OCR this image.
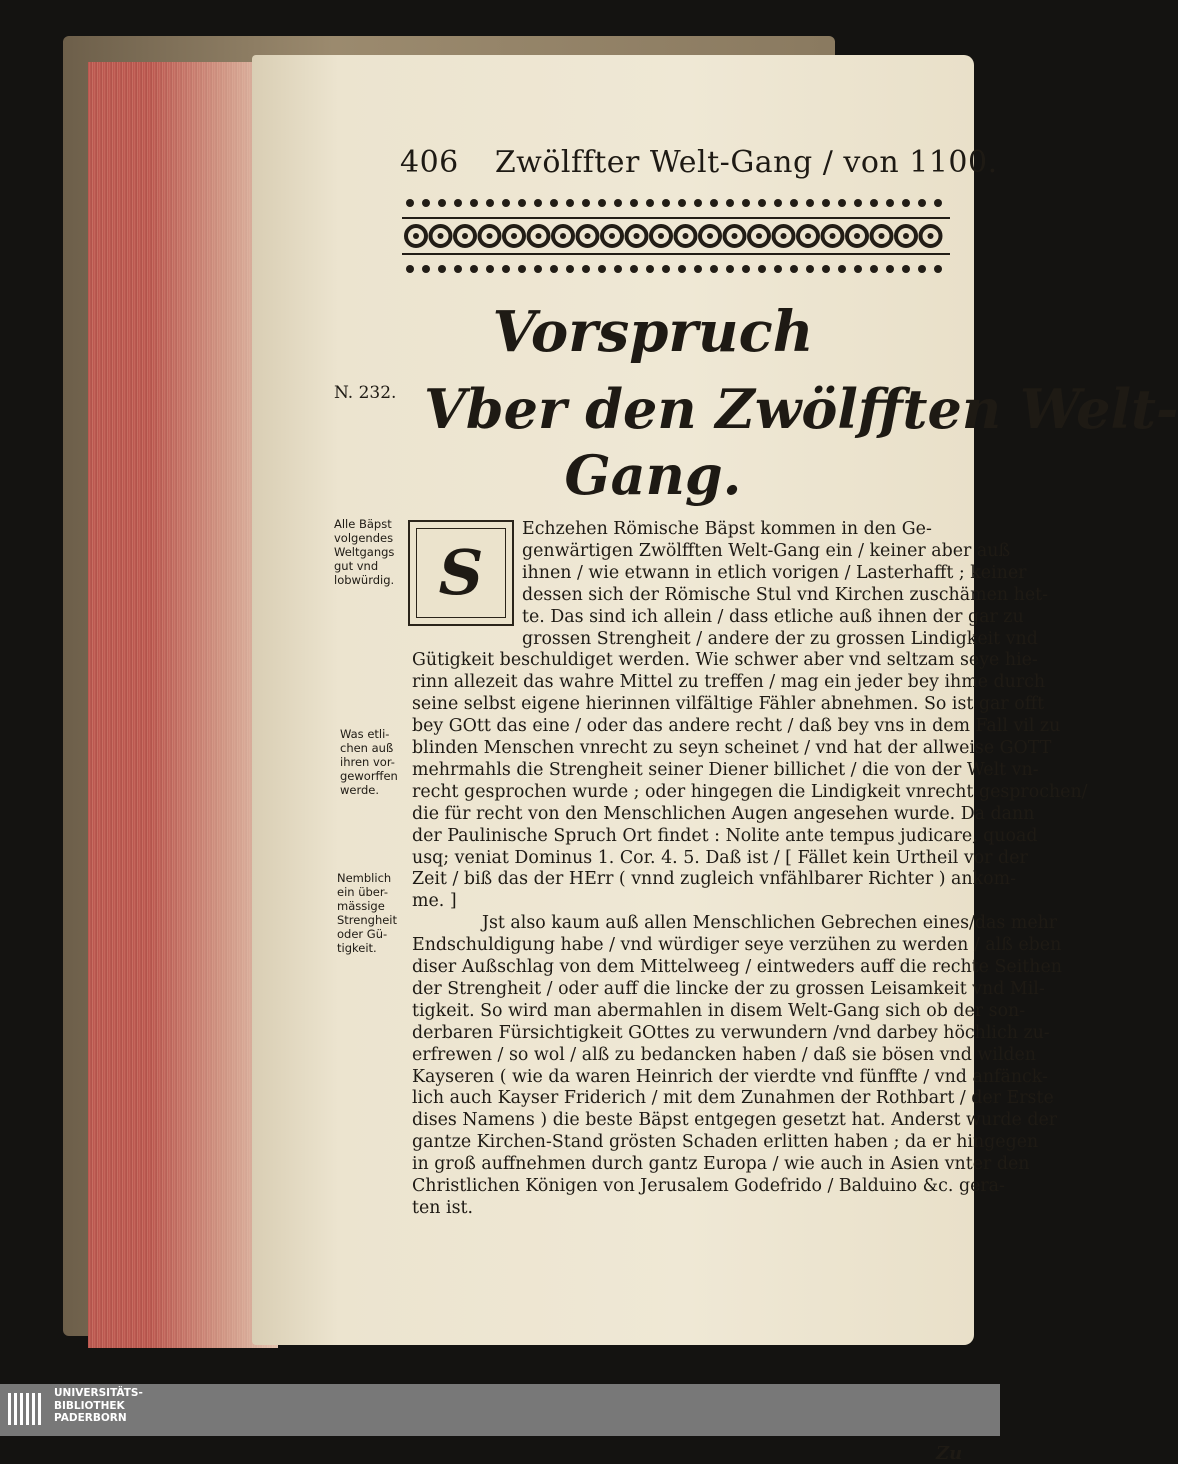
406 Zwölffter Welt-Gang / von 1100.
Vorspruch
N. 232. Vber den Zwölfften Welt-
Gang.
Alle Bäpst
volgendes
Weltgangs
gut vnd
lobwürdig.
Was etli-
chen auß
ihren vor-
geworffen
werde.
Nemblich
ein über-
mässige
Strengheit
oder Gü-
tigkeit.
S
Echzehen Römische Bäpst kommen in den Ge-
genwärtigen Zwölfften Welt-Gang ein / keiner aber auß
ihnen / wie etwann in etlich vorigen / Lasterhafft ; keiner
dessen sich der Römische Stul vnd Kirchen zuschämen het-
te. Das sind ich allein / dass etliche auß ihnen der gar zu
grossen Strengheit / andere der zu grossen Lindigkeit vnd
Gütigkeit beschuldiget werden. Wie schwer aber vnd seltzam seye hie-
rinn allezeit das wahre Mittel zu treffen / mag ein jeder bey ihme durch
seine selbst eigene hierinnen vilfältige Fähler abnehmen. So ist gar offt
bey GOtt das eine / oder das andere recht / daß bey vns in dem Fall vil zu
blinden Menschen vnrecht zu seyn scheinet / vnd hat der allweise GOTT
mehrmahls die Strengheit seiner Diener billichet / die von der Welt vn-
recht gesprochen wurde ; oder hingegen die Lindigkeit vnrecht gesprochen/
die für recht von den Menschlichen Augen angesehen wurde. Da dann
der Paulinische Spruch Ort findet : Nolite ante tempus judicare, quoad
usq; veniat Dominus 1. Cor. 4. 5. Daß ist / [ Fället kein Urtheil vor der
Zeit / biß das der HErr ( vnnd zugleich vnfählbarer Richter ) ankom-
me. ]
Jst also kaum auß allen Menschlichen Gebrechen eines/das mehr
Endschuldigung habe / vnd würdiger seye verzühen zu werden / alß eben
diser Außschlag von dem Mittelweeg / eintweders auff die rechte Seithen
der Strengheit / oder auff die lincke der zu grossen Leisamkeit vnd Mil-
tigkeit. So wird man abermahlen in disem Welt-Gang sich ob der son-
derbaren Fürsichtigkeit GOttes zu verwundern /vnd darbey höchlich zu-
erfrewen / so wol / alß zu bedancken haben / daß sie bösen vnd wilden
Kayseren ( wie da waren Heinrich der vierdte vnd fünffte / vnd anfänck-
lich auch Kayser Friderich / mit dem Zunahmen der Rothbart / der Erste
dises Namens ) die beste Bäpst entgegen gesetzt hat. Anderst wurde der
gantze Kirchen-Stand grösten Schaden erlitten haben ; da er hingegen
in groß auffnehmen durch gantz Europa / wie auch in Asien vnter den
Christlichen Königen von Jerusalem Godefrido / Balduino &c. gera-
ten ist.
Zu
UNIVERSITÄTS-
BIBLIOTHEK
PADERBORN
